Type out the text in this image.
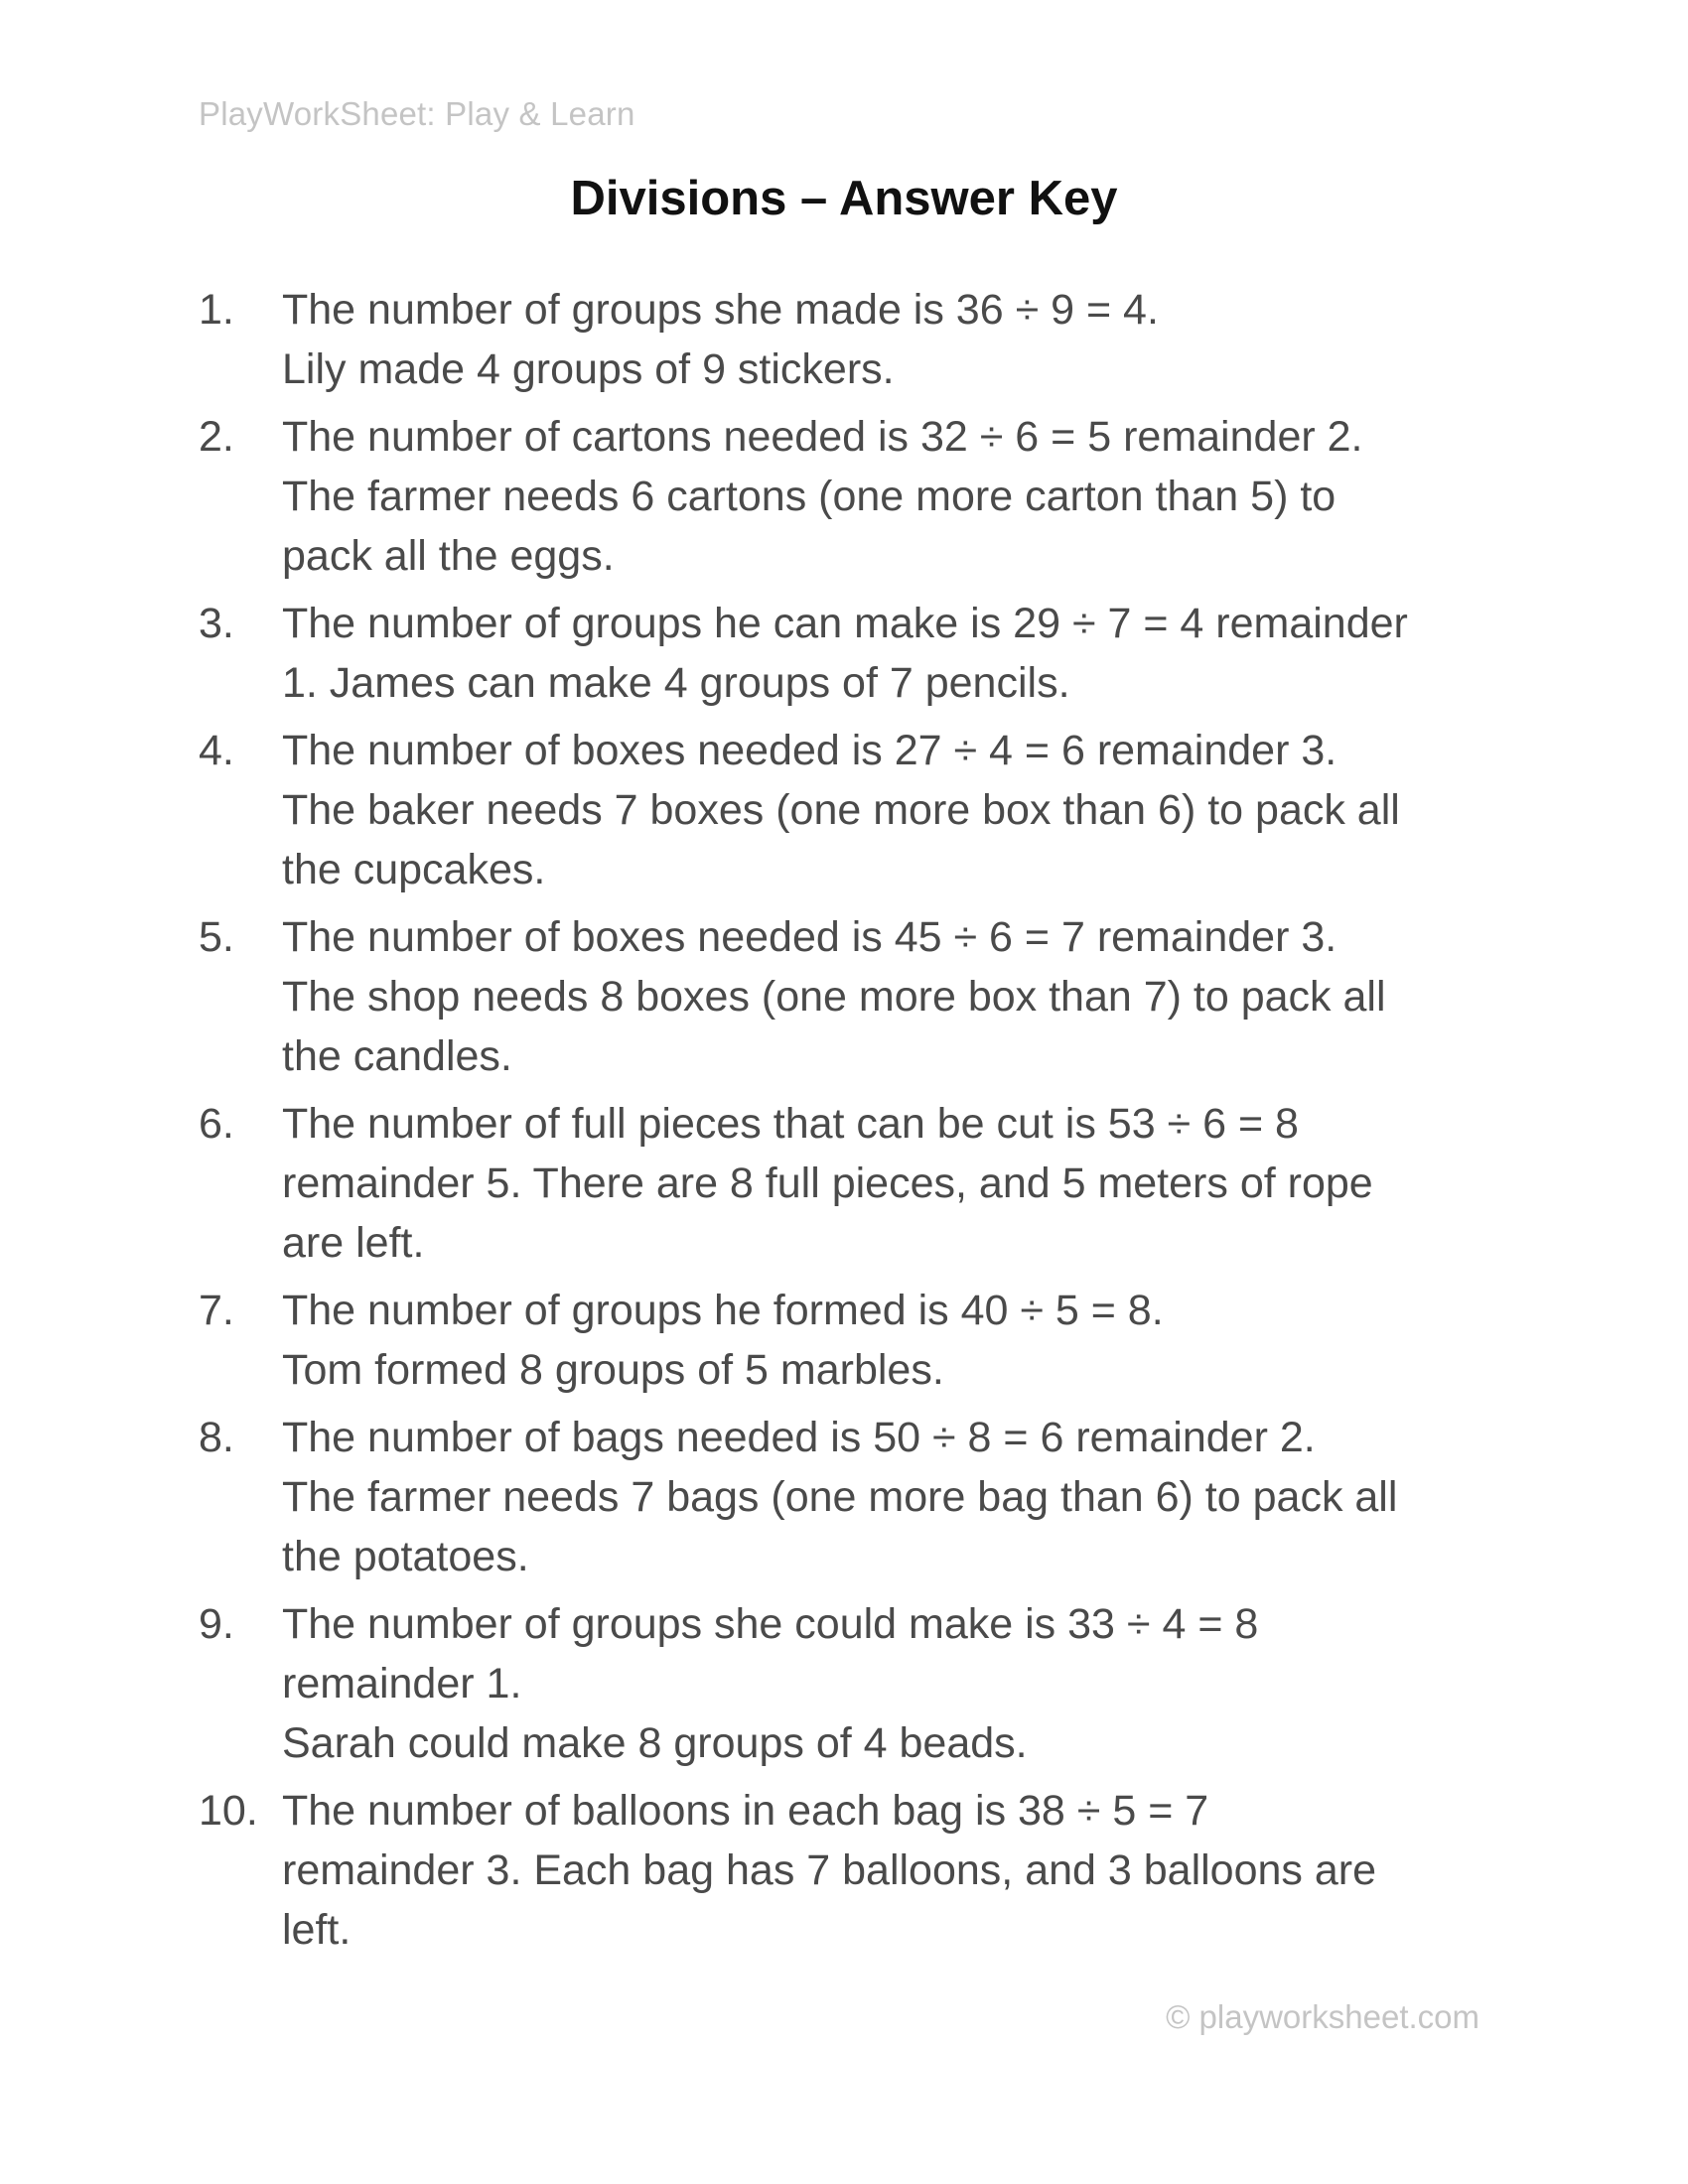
PlayWorkSheet: Play & Learn
Divisions – Answer Key
1.	The number of groups she made is 36 ÷ 9 = 4.
Lily made 4 groups of 9 stickers.
2.	The number of cartons needed is 32 ÷ 6 = 5 remainder 2.
The farmer needs 6 cartons (one more carton than 5) to
pack all the eggs.
3.	The number of groups he can make is 29 ÷ 7 = 4 remainder
1. James can make 4 groups of 7 pencils.
4.	The number of boxes needed is 27 ÷ 4 = 6 remainder 3.
The baker needs 7 boxes (one more box than 6) to pack all
the cupcakes.
5.	The number of boxes needed is 45 ÷ 6 = 7 remainder 3.
The shop needs 8 boxes (one more box than 7) to pack all
the candles.
6.	The number of full pieces that can be cut is 53 ÷ 6 = 8
remainder 5. There are 8 full pieces, and 5 meters of rope
are left.
7.	The number of groups he formed is 40 ÷ 5 = 8.
Tom formed 8 groups of 5 marbles.
8.	The number of bags needed is 50 ÷ 8 = 6 remainder 2.
The farmer needs 7 bags (one more bag than 6) to pack all
the potatoes.
9.	The number of groups she could make is 33 ÷ 4 = 8
remainder 1.
Sarah could make 8 groups of 4 beads.
10. The number of balloons in each bag is 38 ÷ 5 = 7
remainder 3. Each bag has 7 balloons, and 3 balloons are
left.
© playworksheet.com
